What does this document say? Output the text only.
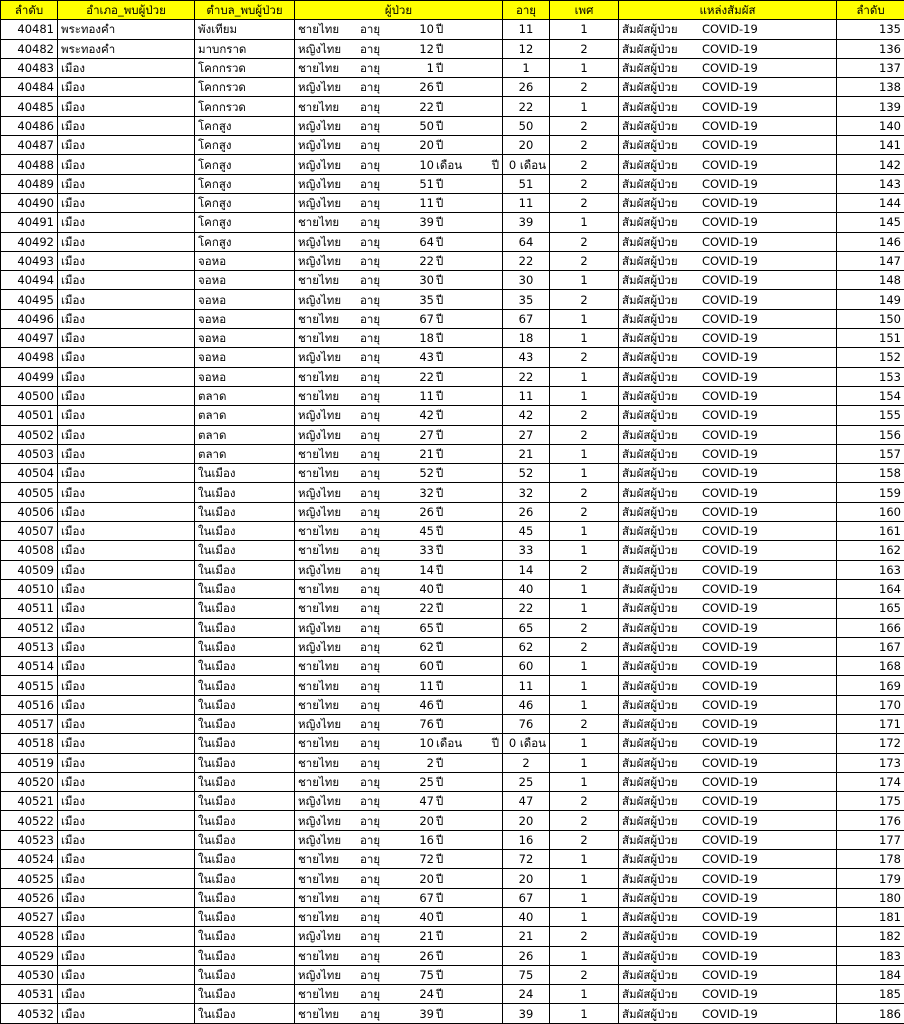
ลำดับ	อำเภอ_พบผู้ป่วย	ตำบล_พบผู้ป่วย	ผู้ป่วย	อายุ	เพศ	แหล่งสัมผัส	ลำดับ
40481	พระทองคำ	พังเทียม	ชายไทย อายุ 10 ปี	11	1	สัมผัสผู้ป่วย COVID-19	135
40482	พระทองคำ	มาบกราด	หญิงไทย อายุ 12 ปี	12	2	สัมผัสผู้ป่วย COVID-19	136
40483	เมือง	โคกกรวด	ชายไทย อายุ 1 ปี	1	1	สัมผัสผู้ป่วย COVID-19	137
40484	เมือง	โคกกรวด	หญิงไทย อายุ 26 ปี	26	2	สัมผัสผู้ป่วย COVID-19	138
40485	เมือง	โคกกรวด	ชายไทย อายุ 22 ปี	22	1	สัมผัสผู้ป่วย COVID-19	139
40486	เมือง	โคกสูง	หญิงไทย อายุ 50 ปี	50	2	สัมผัสผู้ป่วย COVID-19	140
40487	เมือง	โคกสูง	หญิงไทย อายุ 20 ปี	20	2	สัมผัสผู้ป่วย COVID-19	141
40488	เมือง	โคกสูง	หญิงไทย อายุ 10 เดือน ปี	0 เดือน	2	สัมผัสผู้ป่วย COVID-19	142
40489	เมือง	โคกสูง	หญิงไทย อายุ 51 ปี	51	2	สัมผัสผู้ป่วย COVID-19	143
40490	เมือง	โคกสูง	หญิงไทย อายุ 11 ปี	11	2	สัมผัสผู้ป่วย COVID-19	144
40491	เมือง	โคกสูง	ชายไทย อายุ 39 ปี	39	1	สัมผัสผู้ป่วย COVID-19	145
40492	เมือง	โคกสูง	หญิงไทย อายุ 64 ปี	64	2	สัมผัสผู้ป่วย COVID-19	146
40493	เมือง	จอหอ	หญิงไทย อายุ 22 ปี	22	2	สัมผัสผู้ป่วย COVID-19	147
40494	เมือง	จอหอ	ชายไทย อายุ 30 ปี	30	1	สัมผัสผู้ป่วย COVID-19	148
40495	เมือง	จอหอ	หญิงไทย อายุ 35 ปี	35	2	สัมผัสผู้ป่วย COVID-19	149
40496	เมือง	จอหอ	ชายไทย อายุ 67 ปี	67	1	สัมผัสผู้ป่วย COVID-19	150
40497	เมือง	จอหอ	ชายไทย อายุ 18 ปี	18	1	สัมผัสผู้ป่วย COVID-19	151
40498	เมือง	จอหอ	หญิงไทย อายุ 43 ปี	43	2	สัมผัสผู้ป่วย COVID-19	152
40499	เมือง	จอหอ	ชายไทย อายุ 22 ปี	22	1	สัมผัสผู้ป่วย COVID-19	153
40500	เมือง	ตลาด	ชายไทย อายุ 11 ปี	11	1	สัมผัสผู้ป่วย COVID-19	154
40501	เมือง	ตลาด	หญิงไทย อายุ 42 ปี	42	2	สัมผัสผู้ป่วย COVID-19	155
40502	เมือง	ตลาด	หญิงไทย อายุ 27 ปี	27	2	สัมผัสผู้ป่วย COVID-19	156
40503	เมือง	ตลาด	ชายไทย อายุ 21 ปี	21	1	สัมผัสผู้ป่วย COVID-19	157
40504	เมือง	ในเมือง	ชายไทย อายุ 52 ปี	52	1	สัมผัสผู้ป่วย COVID-19	158
40505	เมือง	ในเมือง	หญิงไทย อายุ 32 ปี	32	2	สัมผัสผู้ป่วย COVID-19	159
40506	เมือง	ในเมือง	หญิงไทย อายุ 26 ปี	26	2	สัมผัสผู้ป่วย COVID-19	160
40507	เมือง	ในเมือง	ชายไทย อายุ 45 ปี	45	1	สัมผัสผู้ป่วย COVID-19	161
40508	เมือง	ในเมือง	ชายไทย อายุ 33 ปี	33	1	สัมผัสผู้ป่วย COVID-19	162
40509	เมือง	ในเมือง	หญิงไทย อายุ 14 ปี	14	2	สัมผัสผู้ป่วย COVID-19	163
40510	เมือง	ในเมือง	ชายไทย อายุ 40 ปี	40	1	สัมผัสผู้ป่วย COVID-19	164
40511	เมือง	ในเมือง	ชายไทย อายุ 22 ปี	22	1	สัมผัสผู้ป่วย COVID-19	165
40512	เมือง	ในเมือง	หญิงไทย อายุ 65 ปี	65	2	สัมผัสผู้ป่วย COVID-19	166
40513	เมือง	ในเมือง	หญิงไทย อายุ 62 ปี	62	2	สัมผัสผู้ป่วย COVID-19	167
40514	เมือง	ในเมือง	ชายไทย อายุ 60 ปี	60	1	สัมผัสผู้ป่วย COVID-19	168
40515	เมือง	ในเมือง	ชายไทย อายุ 11 ปี	11	1	สัมผัสผู้ป่วย COVID-19	169
40516	เมือง	ในเมือง	ชายไทย อายุ 46 ปี	46	1	สัมผัสผู้ป่วย COVID-19	170
40517	เมือง	ในเมือง	หญิงไทย อายุ 76 ปี	76	2	สัมผัสผู้ป่วย COVID-19	171
40518	เมือง	ในเมือง	ชายไทย อายุ 10 เดือน ปี	0 เดือน	1	สัมผัสผู้ป่วย COVID-19	172
40519	เมือง	ในเมือง	ชายไทย อายุ 2 ปี	2	1	สัมผัสผู้ป่วย COVID-19	173
40520	เมือง	ในเมือง	ชายไทย อายุ 25 ปี	25	1	สัมผัสผู้ป่วย COVID-19	174
40521	เมือง	ในเมือง	หญิงไทย อายุ 47 ปี	47	2	สัมผัสผู้ป่วย COVID-19	175
40522	เมือง	ในเมือง	หญิงไทย อายุ 20 ปี	20	2	สัมผัสผู้ป่วย COVID-19	176
40523	เมือง	ในเมือง	หญิงไทย อายุ 16 ปี	16	2	สัมผัสผู้ป่วย COVID-19	177
40524	เมือง	ในเมือง	ชายไทย อายุ 72 ปี	72	1	สัมผัสผู้ป่วย COVID-19	178
40525	เมือง	ในเมือง	ชายไทย อายุ 20 ปี	20	1	สัมผัสผู้ป่วย COVID-19	179
40526	เมือง	ในเมือง	ชายไทย อายุ 67 ปี	67	1	สัมผัสผู้ป่วย COVID-19	180
40527	เมือง	ในเมือง	ชายไทย อายุ 40 ปี	40	1	สัมผัสผู้ป่วย COVID-19	181
40528	เมือง	ในเมือง	หญิงไทย อายุ 21 ปี	21	2	สัมผัสผู้ป่วย COVID-19	182
40529	เมือง	ในเมือง	ชายไทย อายุ 26 ปี	26	1	สัมผัสผู้ป่วย COVID-19	183
40530	เมือง	ในเมือง	หญิงไทย อายุ 75 ปี	75	2	สัมผัสผู้ป่วย COVID-19	184
40531	เมือง	ในเมือง	ชายไทย อายุ 24 ปี	24	1	สัมผัสผู้ป่วย COVID-19	185
40532	เมือง	ในเมือง	ชายไทย อายุ 39 ปี	39	1	สัมผัสผู้ป่วย COVID-19	186
